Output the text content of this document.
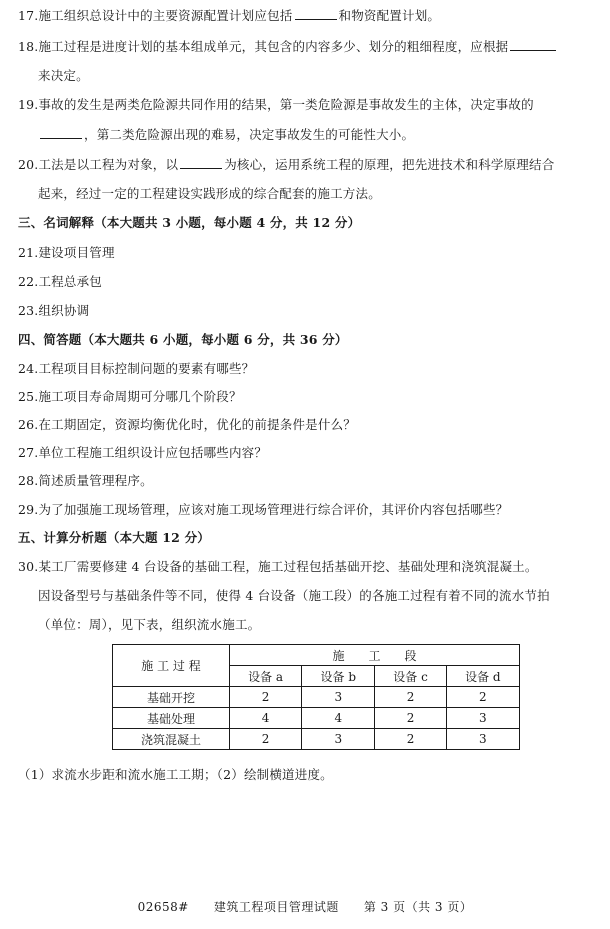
17.施工组织总设计中的主要资源配置计划应包括	和物资配置计划。
18.施工过程是进度计划的基本组成单元，其包含的内容多少、划分的粗细程度，应根据
来决定。
19.事故的发生是两类危险源共同作用的结果，第一类危险源是事故发生的主体，决定事故的
，第二类危险源出现的难易，决定事故发生的可能性大小。
20.工法是以工程为对象，以	为核心，运用系统工程的原理，把先进技术和科学原理结合
起来，经过一定的工程建设实践形成的综合配套的施工方法。
三、名词解释（本大题共 3 小题，每小题 4 分，共 12 分）
21.建设项目管理
22.工程总承包
23.组织协调
四、简答题（本大题共 6 小题，每小题 6 分，共 36 分）
24.工程项目目标控制问题的要素有哪些？
25.施工项目寿命周期可分哪几个阶段？
26.在工期固定，资源均衡优化时，优化的前提条件是什么？
27.单位工程施工组织设计应包括哪些内容？
28.简述质量管理程序。
29.为了加强施工现场管理，应该对施工现场管理进行综合评价，其评价内容包括哪些？
五、计算分析题（本大题 12 分）
30.某工厂需要修建 4 台设备的基础工程，施工过程包括基础开挖、基础处理和浇筑混凝土。
因设备型号与基础条件等不同，使得 4 台设备（施工段）的各施工过程有着不同的流水节拍
（单位：周），见下表，组织流水施工。
施 工 过 程	施　　工　　段			
	设备 a	设备 b	设备 c	设备 d
基础开挖	2	3	2	2
基础处理	4	4	2	3
浇筑混凝土	2	3	2	3
（1）求流水步距和流水施工工期；（2）绘制横道进度。
02658#　　建筑工程项目管理试题　　第 3 页（共 3 页）
